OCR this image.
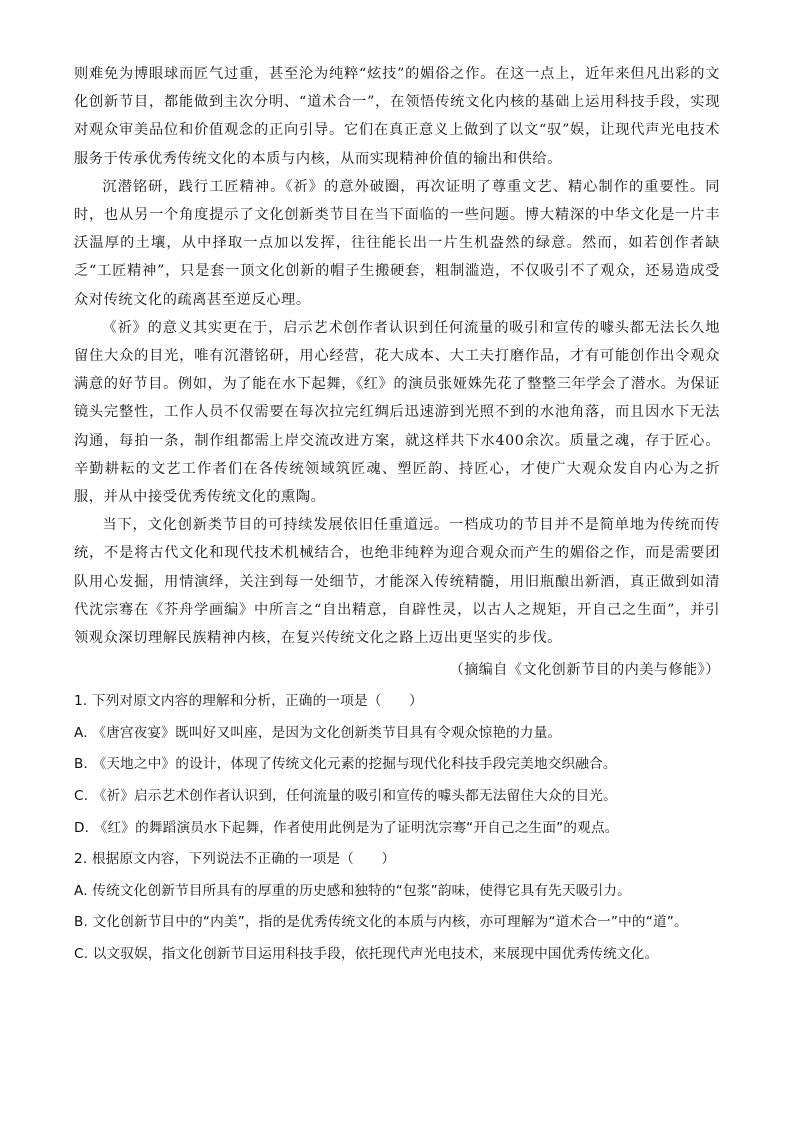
则难免为博眼球而匠气过重，甚至沦为纯粹“炫技”的媚俗之作。在这一点上，近年来但凡出彩的文化创新节目，都能做到主次分明、“道术合一”，在领悟传统文化内核的基础上运用科技手段，实现对观众审美品位和价值观念的正向引导。它们在真正意义上做到了以文“驭”娱，让现代声光电技术服务于传承优秀传统文化的本质与内核，从而实现精神价值的输出和供给。

沉潜铭研，践行工匠精神。《祈》的意外破圈，再次证明了尊重文艺、精心制作的重要性。同时，也从另一个角度提示了文化创新类节目在当下面临的一些问题。博大精深的中华文化是一片丰沃温厚的土壤，从中择取一点加以发挥，往往能长出一片生机盎然的绿意。然而，如若创作者缺乏“工匠精神”，只是套一顶文化创新的帽子生搬硬套，粗制滥造，不仅吸引不了观众，还易造成受众对传统文化的疏离甚至逆反心理。

《祈》的意义其实更在于，启示艺术创作者认识到任何流量的吸引和宣传的噱头都无法长久地留住大众的目光，唯有沉潜铭研，用心经营，花大成本、大工夫打磨作品，才有可能创作出令观众满意的好节目。例如，为了能在水下起舞，《红》的演员张娅姝先花了整整三年学会了潜水。为保证镜头完整性，工作人员不仅需要在每次拉完红绸后迅速游到光照不到的水池角落，而且因水下无法沟通，每拍一条，制作组都需上岸交流改进方案，就这样共下水400余次。质量之魂，存于匠心。辛勤耕耘的文艺工作者们在各传统领域筑匠魂、塑匠韵、持匠心，才使广大观众发自内心为之折服，并从中接受优秀传统文化的熏陶。

当下，文化创新类节目的可持续发展依旧任重道远。一档成功的节目并不是简单地为传统而传统，不是将古代文化和现代技术机械结合，也绝非纯粹为迎合观众而产生的媚俗之作，而是需要团队用心发掘，用情演绎，关注到每一处细节，才能深入传统精髓，用旧瓶酿出新酒，真正做到如清代沈宗骞在《芥舟学画编》中所言之“自出精意，自辟性灵，以古人之规矩，开自己之生面”，并引领观众深切理解民族精神内核，在复兴传统文化之路上迈出更坚实的步伐。

（摘编自《文化创新节目的内美与修能》）

1. 下列对原文内容的理解和分析，正确的一项是（　　）

A. 《唐宫夜宴》既叫好又叫座，是因为文化创新类节目具有令观众惊艳的力量。

B. 《天地之中》的设计，体现了传统文化元素的挖掘与现代化科技手段完美地交织融合。

C. 《祈》启示艺术创作者认识到，任何流量的吸引和宣传的噱头都无法留住大众的目光。

D. 《红》的舞蹈演员水下起舞，作者使用此例是为了证明沈宗骞“开自己之生面”的观点。

2. 根据原文内容，下列说法不正确的一项是（　　）

A. 传统文化创新节目所具有的厚重的历史感和独特的“包浆”韵味，使得它具有先天吸引力。

B. 文化创新节目中的“内美”，指的是优秀传统文化的本质与内核，亦可理解为“道术合一”中的“道”。

C. 以文驭娱，指文化创新节目运用科技手段，依托现代声光电技术，来展现中国优秀传统文化。
